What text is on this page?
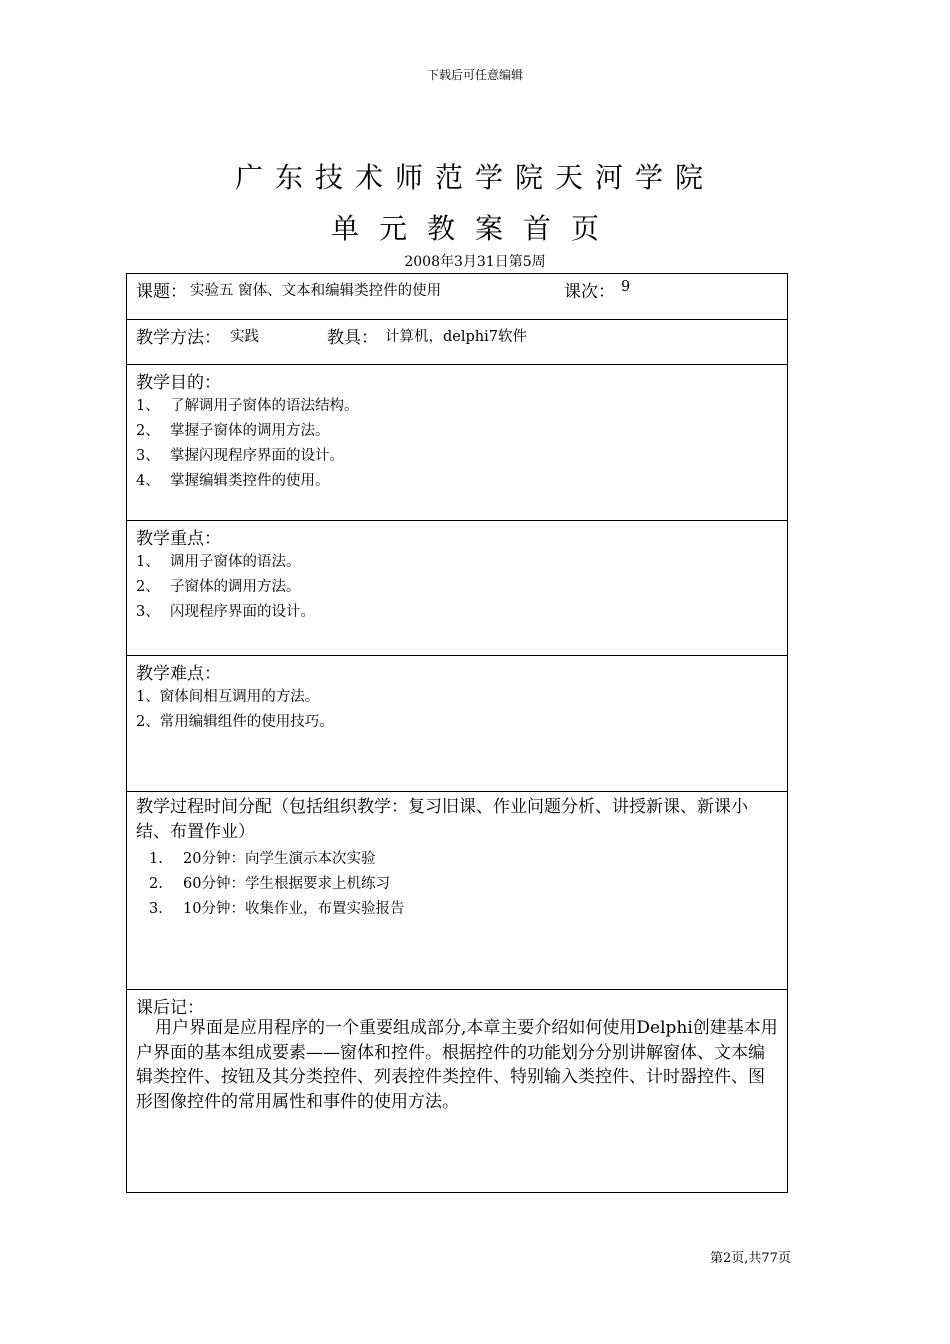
下载后可任意编辑
广东技术师范学院天河学院
单元教案首页
2008年3月31日第5周
课题： 实验五 窗体、文本和编辑类控件的使用	课次： 9
教学方法： 实践	教具： 计算机，delphi7软件
教学目的：
1、 了解调用子窗体的语法结构。
2、 掌握子窗体的调用方法。
3、 掌握闪现程序界面的设计。
4、 掌握编辑类控件的使用。
教学重点：
1、 调用子窗体的语法。
2、 子窗体的调用方法。
3、 闪现程序界面的设计。
教学难点：
1、窗体间相互调用的方法。
2、常用编辑组件的使用技巧。
教学过程时间分配（包括组织教学：复习旧课、作业问题分析、讲授新课、新课小结、布置作业）
1. 20分钟：向学生演示本次实验
2. 60分钟：学生根据要求上机练习
3. 10分钟：收集作业，布置实验报告
课后记：
用户界面是应用程序的一个重要组成部分,本章主要介绍如何使用Delphi创建基本用户界面的基本组成要素——窗体和控件。根据控件的功能划分分别讲解窗体、文本编辑类控件、按钮及其分类控件、列表控件类控件、特别输入类控件、计时器控件、图形图像控件的常用属性和事件的使用方法。
第2页,共77页
